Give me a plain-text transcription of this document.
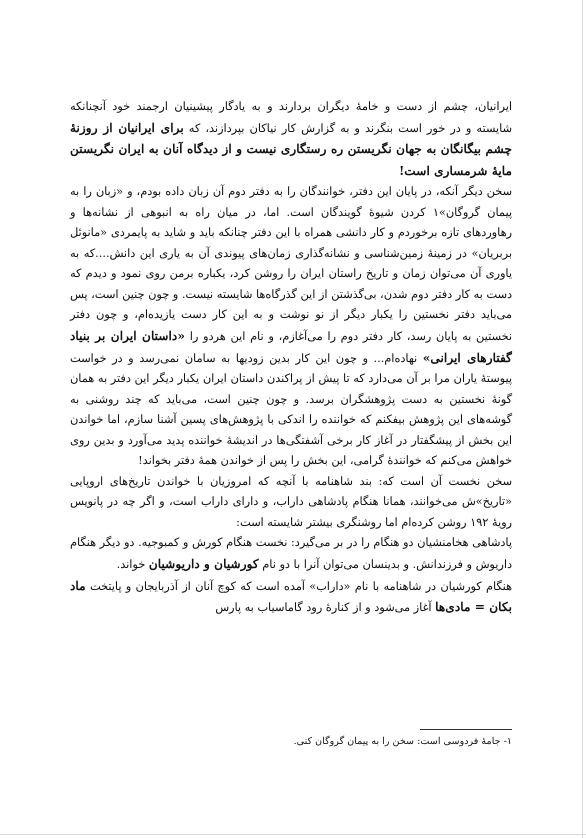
ایرانیان، چشم از دست و خامهٔ دیگران بردارند و به یادگار پیشینیان ارجمند خود آنچنانکه شایسته و در خور است بنگرند و به گزارش کار نیاکان بپردازند، که برای ایرانیان از روزنهٔ چشم بیگانگان به جهان نگریستن ره رستگاری نیست و از دیدگاه آنان به ایران نگریستن مایهٔ شرمساری است!

سخن دیگر آنکه، در پایان این دفتر، خوانندگان را به دفتر دوم آن زبان داده بودم، و «زبان را به پیمان گروگان»۱ کردن شیوهٔ گویندگان است. اما، در میان راه به انبوهی از نشانه‌ها و رهاوردهای تازه برخوردم و کار دانشی همراه با این دفتر چنانکه باید و شاید به پایمردی «مانوئل بربریان» در زمینهٔ زمین‌شناسی و نشانه‌گذاری زمان‌های پیوندی آن به یاری این دانش....که به یاوری آن می‌توان زمان و تاریخ راستان ایران را روشن کرد، یکباره برمن روی نمود و دیدم که دست به کار دفتر دوم شدن، بی‌گذشتن از این گذرگاه‌ها شایسته نیست. و چون چنین است، پس می‌باید دفتر نخستین را یکبار دیگر از نو نوشت و به این کار دست یازیده‌ام، و چون دفتر نخستین به پایان رسد، کار دفتر دوم را می‌آغازم، و نام این هردو را «داستان ایران بر بنیاد گفتارهای ایرانی» نهاده‌ام... و چون این کار بدین زودیها به سامان نمی‌رسد و در خواست پیوستهٔ یاران مرا بر آن می‌دارد که تا پیش از پراکندن داستان ایران یکبار دیگر این دفتر به همان گونهٔ نخستین به دست پژوهشگران برسد. و چون چنین است، می‌باید که چند روشنی به گوشه‌های این پژوهش بیفکنم که خواننده را اندکی با پژوهش‌های پسین آشنا سازم، اما خواندن این بخش از پیشگفتار در آغاز کار برخی آشفتگی‌ها در اندیشهٔ خواننده پدید می‌آورد و بدین روی خواهش می‌کنم که خوانندهٔ گرامی، این بخش را پس از خواندن همهٔ دفتر بخواند!

سخن نخست آن است که: بند شاهنامه با آنچه که امروزیان با خواندن تاریخ‌های اروپایی «تاریخ»ش می‌خوانند، همانا هنگام پادشاهی داراب، و دارای داراب است، و اگر چه در پانویس رویهٔ ۱۹۲ روشن کرده‌ام اما روشنگری بیشتر شایسته است:

پادشاهی هخامنشیان دو هنگام را در بر می‌گیرد: نخست هنگام کورش و کمبوجیه. دو دیگر هنگام داریوش و فرزندانش. و بدینسان می‌توان آنرا با دو نام کورشیان و داریوشیان خواند.

هنگام کورشیان در شاهنامه با نام «داراب» آمده است که کوچ آنان از آذربایجان و پایتخت ماد بکان = مادی‌ها آغاز می‌شود و از کنارهٔ رود گاماسیاب به پارس

۱- جامهٔ فردوسی است: سخن را به پیمان گروگان کنی.
